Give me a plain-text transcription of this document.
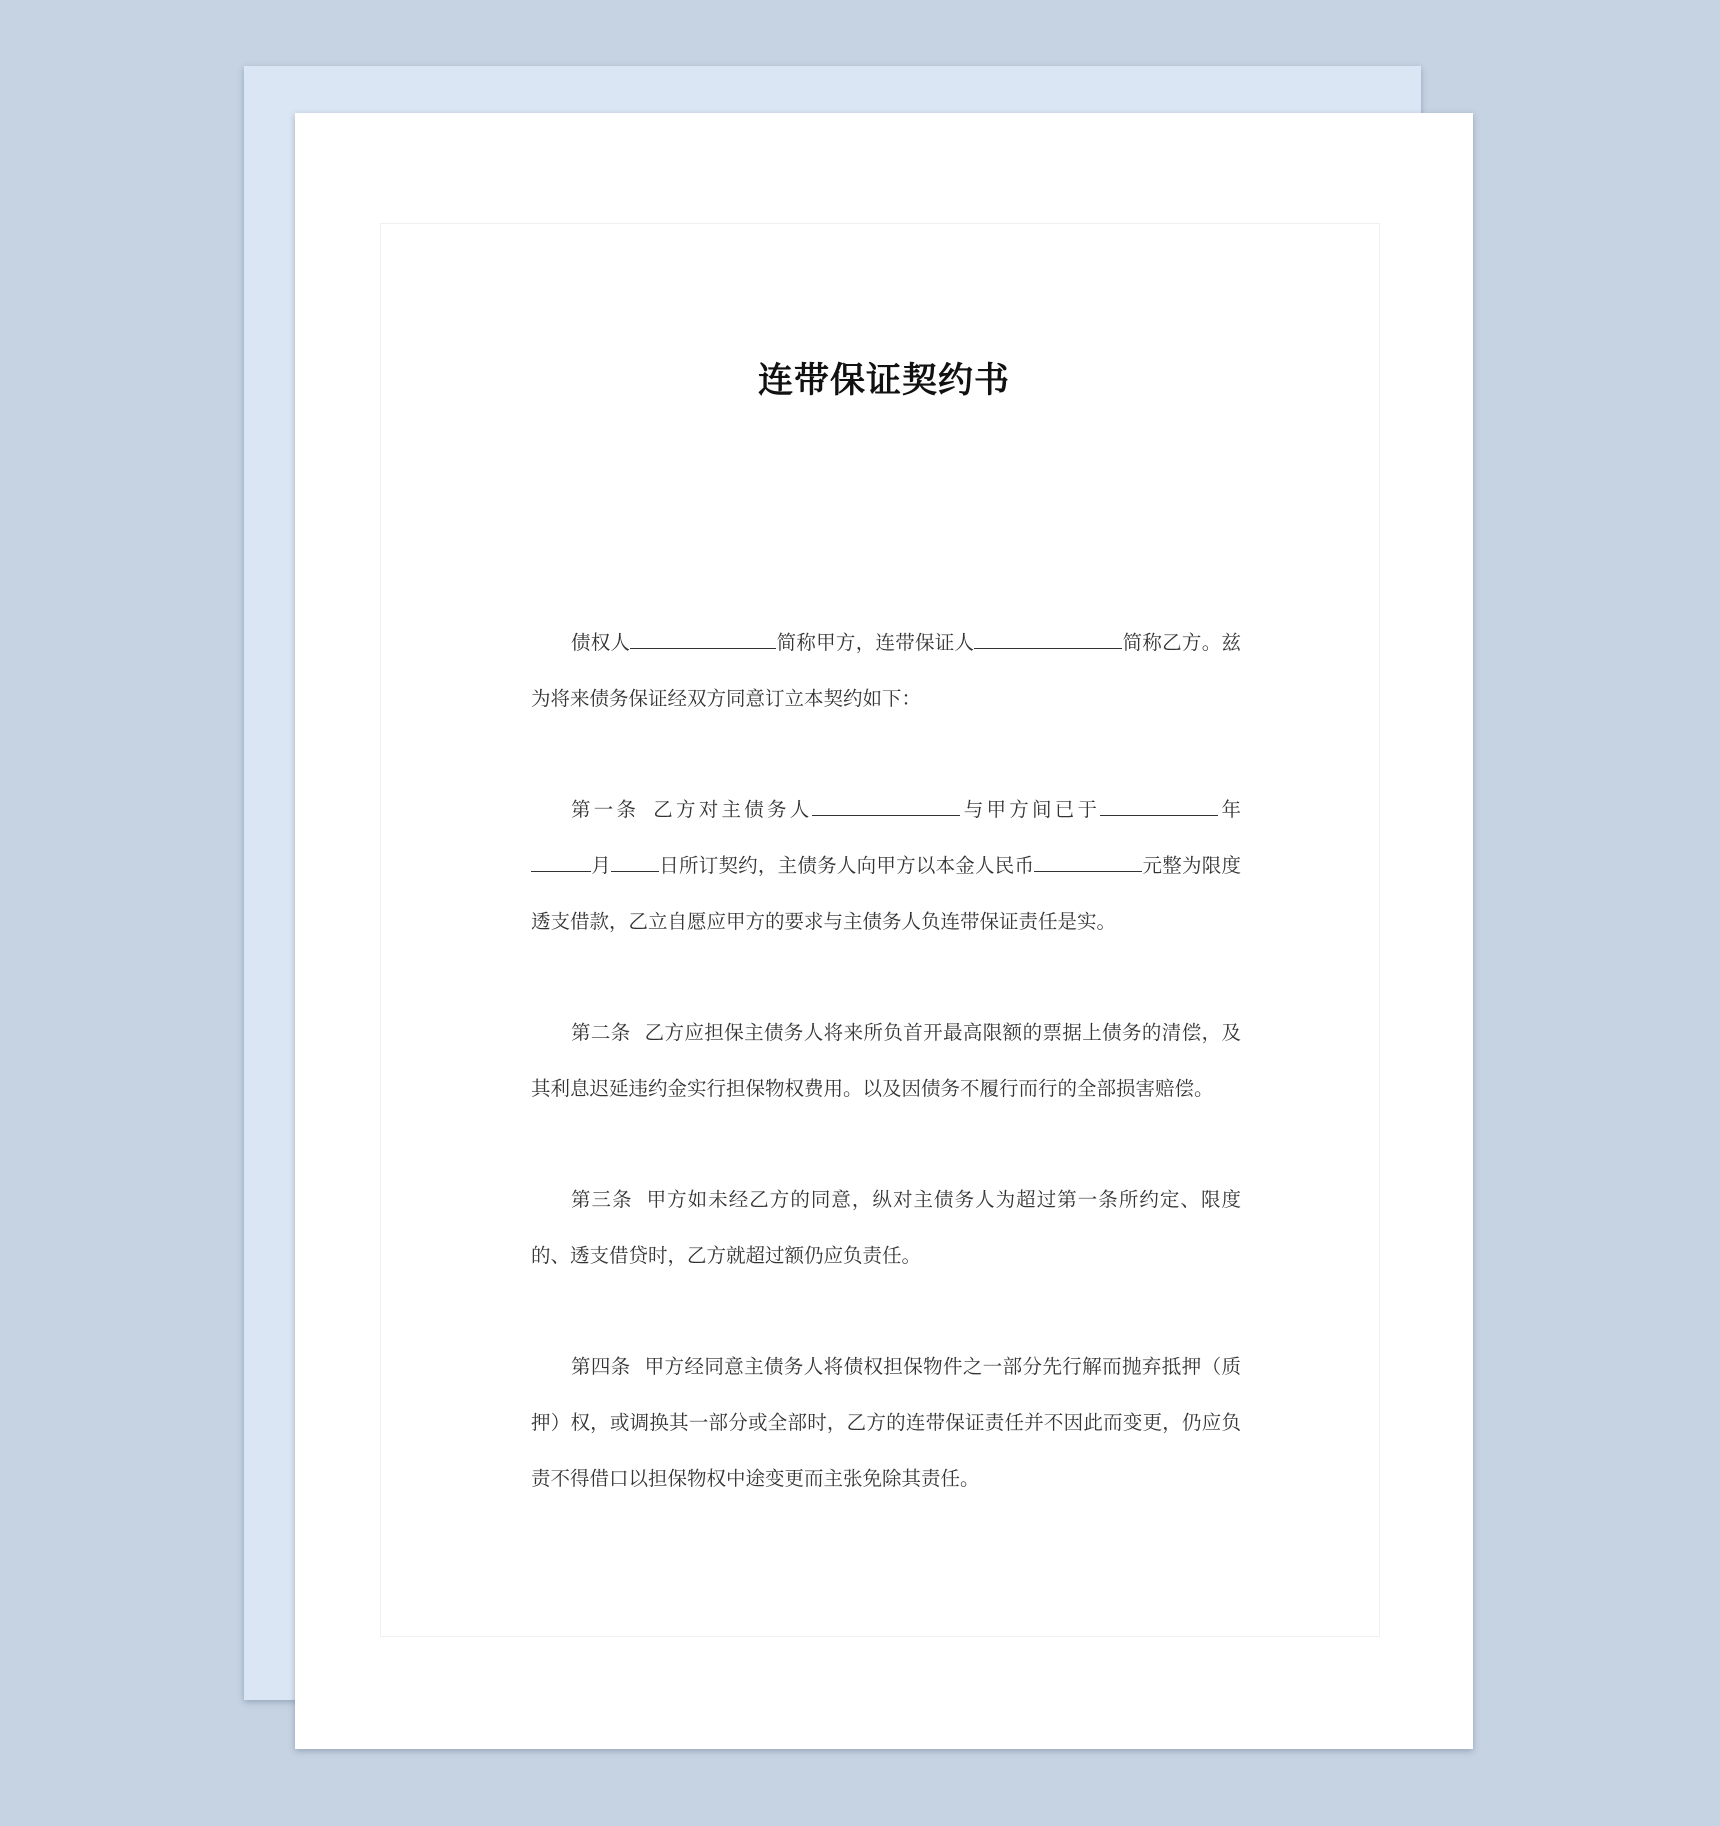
连带保证契约书

债权人	简称甲方，连带保证人	简称乙方。兹为将来债务保证经双方同意订立本契约如下：

第一条 乙方对主债务人	与甲方间已于	年月 日所订契约，主债务人向甲方以本金人民币	元整为限度透支借款，乙立自愿应甲方的要求与主债务人负连带保证责任是实。

第二条 乙方应担保主债务人将来所负首开最高限额的票据上债务的清偿，及其利息迟延违约金实行担保物权费用。以及因债务不履行而行的全部损害赔偿。

第三条 甲方如未经乙方的同意，纵对主债务人为超过第一条所约定、限度的、透支借贷时，乙方就超过额仍应负责任。

第四条 甲方经同意主债务人将债权担保物件之一部分先行解而抛弃抵押（质押）权，或调换其一部分或全部时，乙方的连带保证责任并不因此而变更，仍应负责不得借口以担保物权中途变更而主张免除其责任。
